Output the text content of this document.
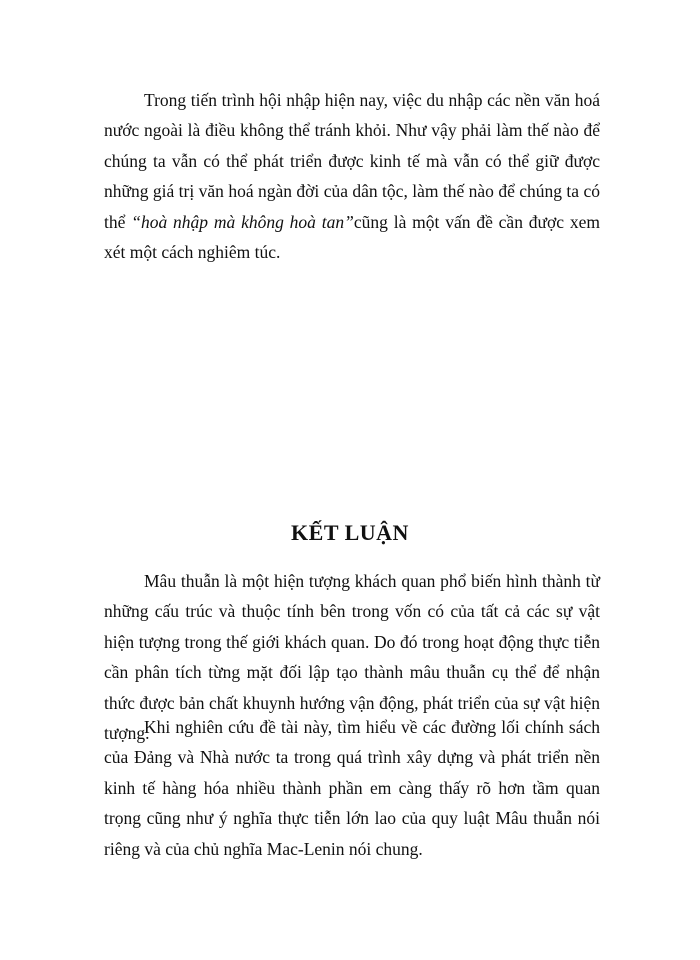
Trong tiến trình hội nhập hiện nay, việc du nhập các nền văn hoá nước ngoài là điều không thể tránh khỏi. Như vậy phải làm thế nào để chúng ta vẫn có thể phát triển được kinh tế mà vẫn có thể giữ được những giá trị văn hoá ngàn đời của dân tộc, làm thế nào để chúng ta có thể “hoà nhập mà không hoà tan”cũng là một vấn đề cần được xem xét một cách nghiêm túc.

KẾT LUẬN

Mâu thuẫn là một hiện tượng khách quan phổ biến hình thành từ những cấu trúc và thuộc tính bên trong vốn có của tất cả các sự vật hiện tượng trong thế giới khách quan. Do đó trong hoạt động thực tiễn cần phân tích từng mặt đối lập tạo thành mâu thuẫn cụ thể để nhận thức được bản chất khuynh hướng vận động, phát triển của sự vật hiện tượng.

Khi nghiên cứu đề tài này, tìm hiểu về các đường lối chính sách của Đảng và Nhà nước ta trong quá trình xây dựng và phát triển nền kinh tế hàng hóa nhiều thành phần em càng thấy rõ hơn tầm quan trọng cũng như ý nghĩa thực tiễn lớn lao của quy luật Mâu thuẫn nói riêng và của chủ nghĩa Mac-Lenin nói chung.
